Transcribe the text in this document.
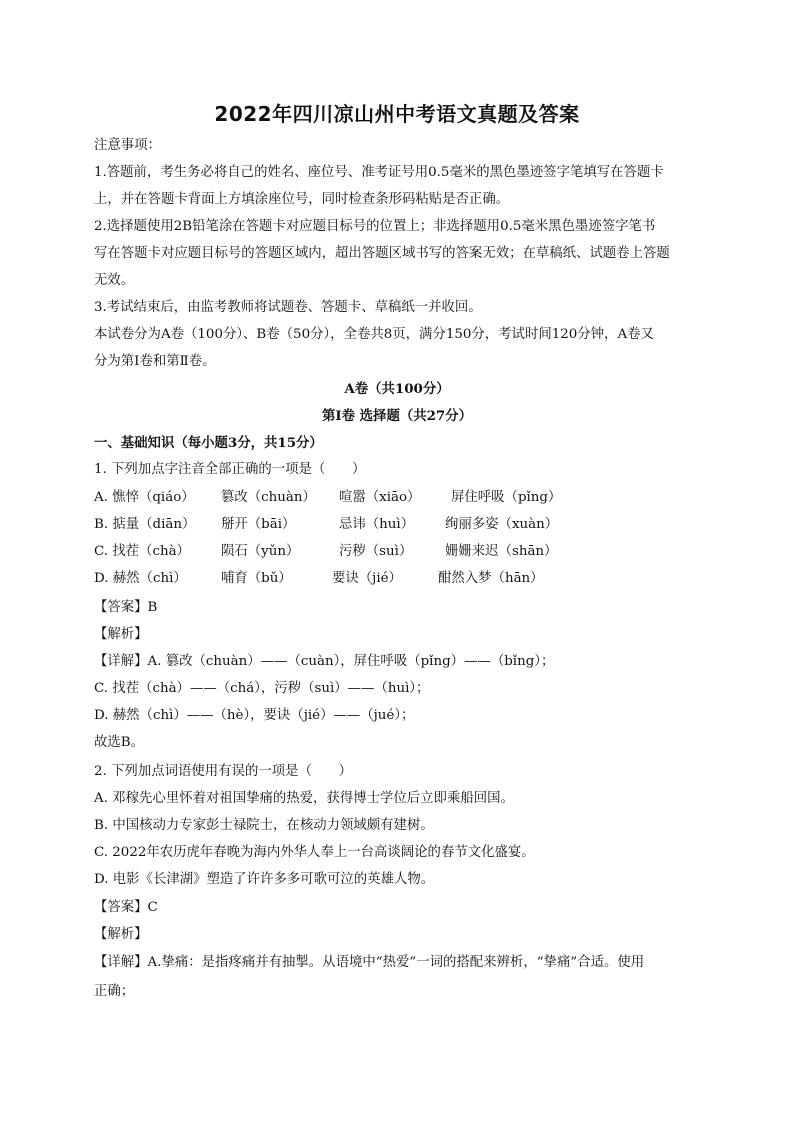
2022年四川凉山州中考语文真题及答案
注意事项：
1.答题前，考生务必将自己的姓名、座位号、准考证号用0.5毫米的黑色墨迹签字笔填写在答题卡
上，并在答题卡背面上方填涂座位号，同时检查条形码粘贴是否正确。
2.选择题使用2B铅笔涂在答题卡对应题目标号的位置上；非选择题用0.5毫米黑色墨迹签字笔书
写在答题卡对应题目标号的答题区域内，超出答题区域书写的答案无效；在草稿纸、试题卷上答题
无效。
3.考试结束后，由监考教师将试题卷、答题卡、草稿纸一并收回。
本试卷分为A卷（100分）、B卷（50分），全卷共8页，满分150分，考试时间120分钟，A卷又
分为第Ⅰ卷和第Ⅱ卷。
A卷（共100分）
第Ⅰ卷 选择题（共27分）
一、基础知识（每小题3分，共15分）
1. 下列加点字注音全部正确的一项是（　　）
A. 憔悴（qiáo） 篡改（chuàn） 喧嚣（xiāo） 屏住呼吸（pǐng）
B. 掂量（diān） 掰开（bāi）	忌讳（huì） 绚丽多姿（xuàn）
C. 找茬（chà） 陨石（yǔn）	污秽（suì） 姗姗来迟（shān）
D. 赫然（chì）	哺育（bǔ）	要诀（jié）	酣然入梦（hān）
【答案】B
【解析】
【详解】A. 篡改（chuàn）——（cuàn），屏住呼吸（pǐng）——（bǐng）；
C. 找茬（chà）——（chá），污秽（suì）——（huì）；
D. 赫然（chì）——（hè），要诀（jié）——（jué）；
故选B。
2. 下列加点词语使用有误的一项是（　　）
A. 邓稼先心里怀着对祖国挚痛的热爱，获得博士学位后立即乘船回国。
B. 中国核动力专家彭士禄院士，在核动力领域颇有建树。
C. 2022年农历虎年春晚为海内外华人奉上一台高谈阔论的春节文化盛宴。
D. 电影《长津湖》塑造了许许多多可歌可泣的英雄人物。
【答案】C
【解析】
【详解】A.挚痛：是指疼痛并有抽掣。从语境中“热爱”一词的搭配来辨析，“挚痛”合适。使用
正确；
